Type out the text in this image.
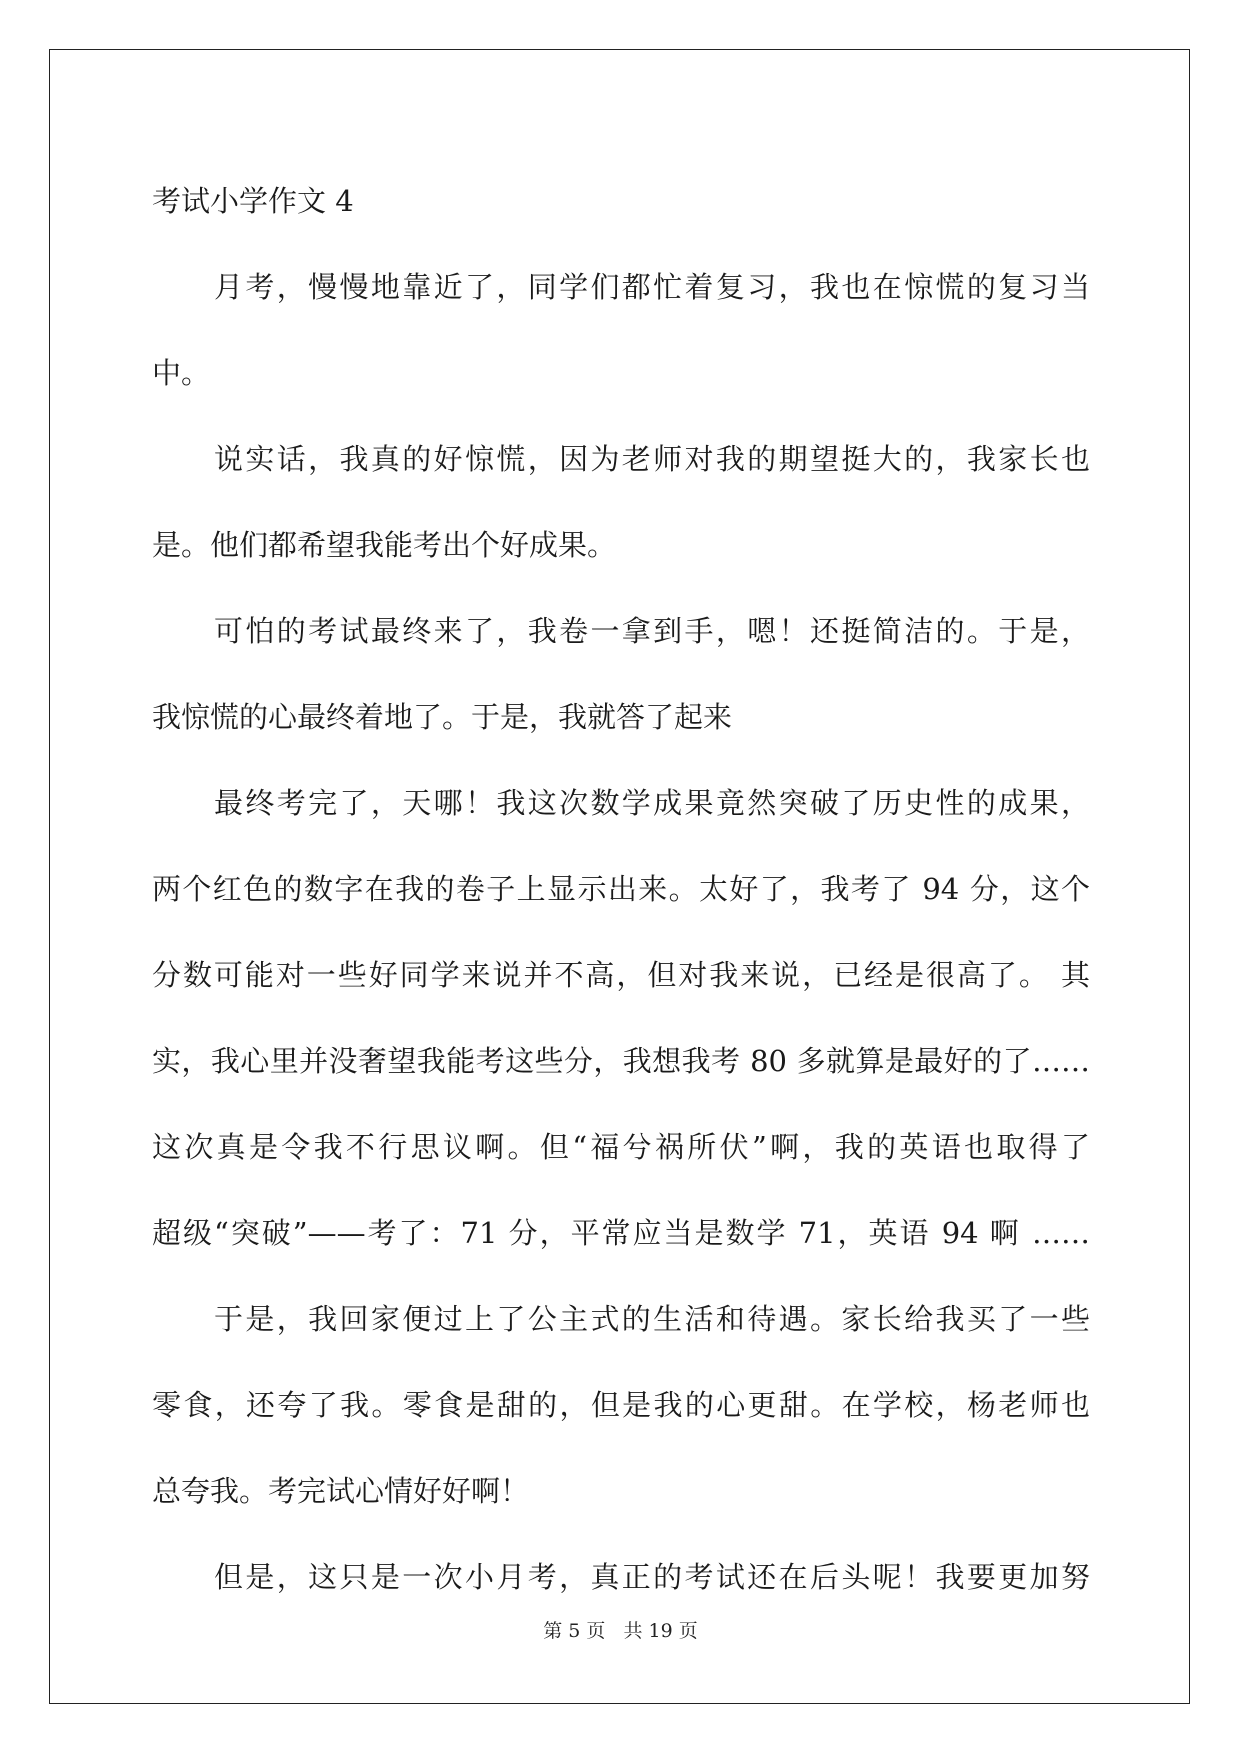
考试小学作文 4

月考，慢慢地靠近了，同学们都忙着复习，我也在惊慌的复习当

中。

说实话，我真的好惊慌，因为老师对我的期望挺大的，我家长也

是。他们都希望我能考出个好成果。

可怕的考试最终来了，我卷一拿到手，嗯！还挺简洁的。于是，

我惊慌的心最终着地了。于是，我就答了起来

最终考完了，天哪！我这次数学成果竟然突破了历史性的成果，

两个红色的数字在我的卷子上显示出来。太好了，我考了 94 分，这个

分数可能对一些好同学来说并不高，但对我来说，已经是很高了。 其

实，我心里并没奢望我能考这些分，我想我考 80 多就算是最好的了……

这次真是令我不行思议啊。但“福兮祸所伏”啊，我的英语也取得了

超级“突破”——考了：71 分，平常应当是数学 71，英语 94 啊 ……

于是，我回家便过上了公主式的生活和待遇。家长给我买了一些

零食，还夸了我。零食是甜的，但是我的心更甜。在学校，杨老师也

总夸我。考完试心情好好啊！

但是，这只是一次小月考，真正的考试还在后头呢！我要更加努

第 5 页 共 19 页
